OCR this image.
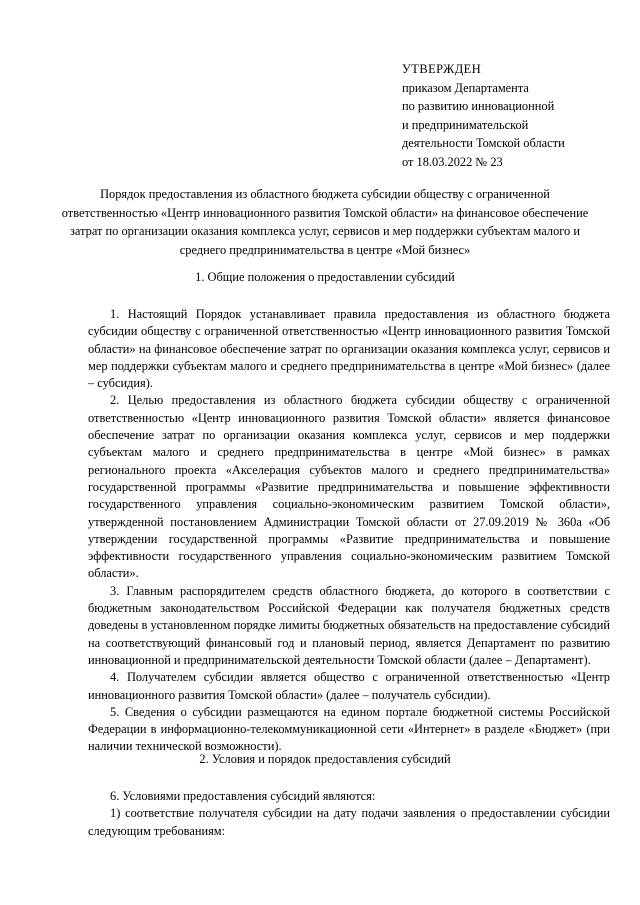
УТВЕРЖДЕН
приказом Департамента
по развитию инновационной
и предпринимательской
деятельности Томской области
от 18.03.2022 № 23
Порядок предоставления из областного бюджета субсидии обществу с ограниченной ответственностью «Центр инновационного развития Томской области» на финансовое обеспечение затрат по организации оказания комплекса услуг, сервисов и мер поддержки субъектам малого и среднего предпринимательства в центре «Мой бизнес»
1. Общие положения о предоставлении субсидий

1. Настоящий Порядок устанавливает правила предоставления из областного бюджета субсидии обществу с ограниченной ответственностью «Центр инновационного развития Томской области» на финансовое обеспечение затрат по организации оказания комплекса услуг, сервисов и мер поддержки субъектам малого и среднего предпринимательства в центре «Мой бизнес» (далее – субсидия).

2. Целью предоставления из областного бюджета субсидии обществу с ограниченной ответственностью «Центр инновационного развития Томской области» является финансовое обеспечение затрат по организации оказания комплекса услуг, сервисов и мер поддержки субъектам малого и среднего предпринимательства в центре «Мой бизнес» в рамках регионального проекта «Акселерация субъектов малого и среднего предпринимательства» государственной программы «Развитие предпринимательства и повышение эффективности государственного управления социально-экономическим развитием Томской области», утвержденной постановлением Администрации Томской области от 27.09.2019 № 360а «Об утверждении государственной программы «Развитие предпринимательства и повышение эффективности государственного управления социально-экономическим развитием Томской области».

3. Главным распорядителем средств областного бюджета, до которого в соответствии с бюджетным законодательством Российской Федерации как получателя бюджетных средств доведены в установленном порядке лимиты бюджетных обязательств на предоставление субсидий на соответствующий финансовый год и плановый период, является Департамент по развитию инновационной и предпринимательской деятельности Томской области (далее – Департамент).

4. Получателем субсидии является общество с ограниченной ответственностью «Центр инновационного развития Томской области» (далее – получатель субсидии).

5. Сведения о субсидии размещаются на едином портале бюджетной системы Российской Федерации в информационно-телекоммуникационной сети «Интернет» в разделе «Бюджет» (при наличии технической возможности).

2. Условия и порядок предоставления субсидий

6. Условиями предоставления субсидий являются:

1) соответствие получателя субсидии на дату подачи заявления о предоставлении субсидии следующим требованиям:
